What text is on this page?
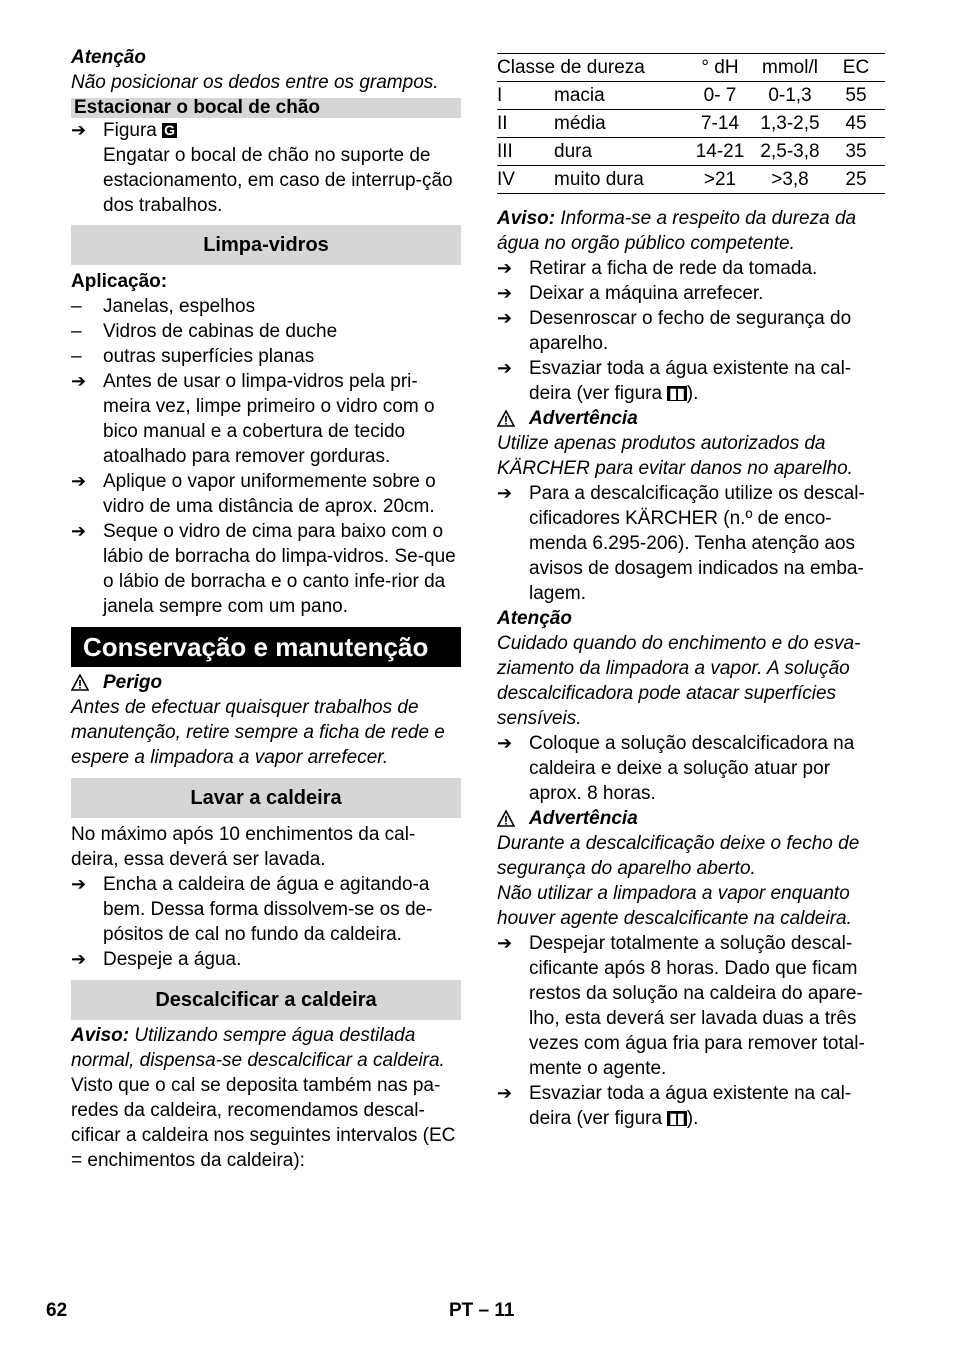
Atenção

Não posicionar os dedos entre os grampos.

Estacionar o bocal de chão

➔ Figura G
Engatar o bocal de chão no suporte de estacionamento, em caso de interrup-ção dos trabalhos.
Limpa-vidros

Aplicação:

–	Janelas, espelhos
–	Vidros de cabinas de duche
–	outras superfícies planas
➔ Antes de usar o limpa-vidros pela pri-meira vez, limpe primeiro o vidro com o bico manual e a cobertura de tecido atoalhado para remover gorduras.
➔ Aplique o vapor uniformemente sobre o vidro de uma distância de aprox. 20cm.
➔ Seque o vidro de cima para baixo com o lábio de borracha do limpa-vidros. Se-que o lábio de borracha e o canto infe-rior da janela sempre com um pano.
Conservação e manutenção
Perigo

Antes de efectuar quaisquer trabalhos de manutenção, retire sempre a ficha de rede e espere a limpadora a vapor arrefecer.

Lavar a caldeira

No máximo após 10 enchimentos da cal-deira, essa deverá ser lavada.

➔ Encha a caldeira de água e agitando-a bem. Dessa forma dissolvem-se os de-pósitos de cal no fundo da caldeira.
➔ Despeje a água.
Descalcificar a caldeira

Aviso: Utilizando sempre água destilada normal, dispensa-se descalcificar a caldeira.

Visto que o cal se deposita também nas pa-redes da caldeira, recomendamos descal-cificar a caldeira nos seguintes intervalos (EC = enchimentos da caldeira):

Classe de dureza		° dH	mmol/l	EC
I	macia	0- 7	0-1,3	55
II	média	7-14	1,3-2,5	45
III	dura	14-21	2,5-3,8	35
IV	muito dura	>21	>3,8	25

Aviso: Informa-se a respeito da dureza da água no orgão público competente.

➔ Retirar a ficha de rede da tomada.
➔ Deixar a máquina arrefecer.
➔ Desenroscar o fecho de segurança do aparelho.
➔ Esvaziar toda a água existente na cal-deira (ver figura ▮▮ ).
Advertência

Utilize apenas produtos autorizados da KÄRCHER para evitar danos no aparelho.

➔ Para a descalcificação utilize os descal-cificadores KÄRCHER (n.º de enco-menda 6.295-206). Tenha atenção aos avisos de dosagem indicados na emba-lagem.

Atenção

Cuidado quando do enchimento e do esva-ziamento da limpadora a vapor. A solução descalcificadora pode atacar superfícies sensíveis.

➔ Coloque a solução descalcificadora na caldeira e deixe a solução atuar por aprox. 8 horas.
Advertência

Durante a descalcificação deixe o fecho de segurança do aparelho aberto.

Não utilizar a limpadora a vapor enquanto houver agente descalcificante na caldeira.

➔ Despejar totalmente a solução descal-cificante após 8 horas. Dado que ficam restos da solução na caldeira do apare-lho, esta deverá ser lavada duas a três vezes com água fria para remover total-mente o agente.
➔ Esvaziar toda a água existente na cal-deira (ver figura ▮▮ ).
62	PT – 11
